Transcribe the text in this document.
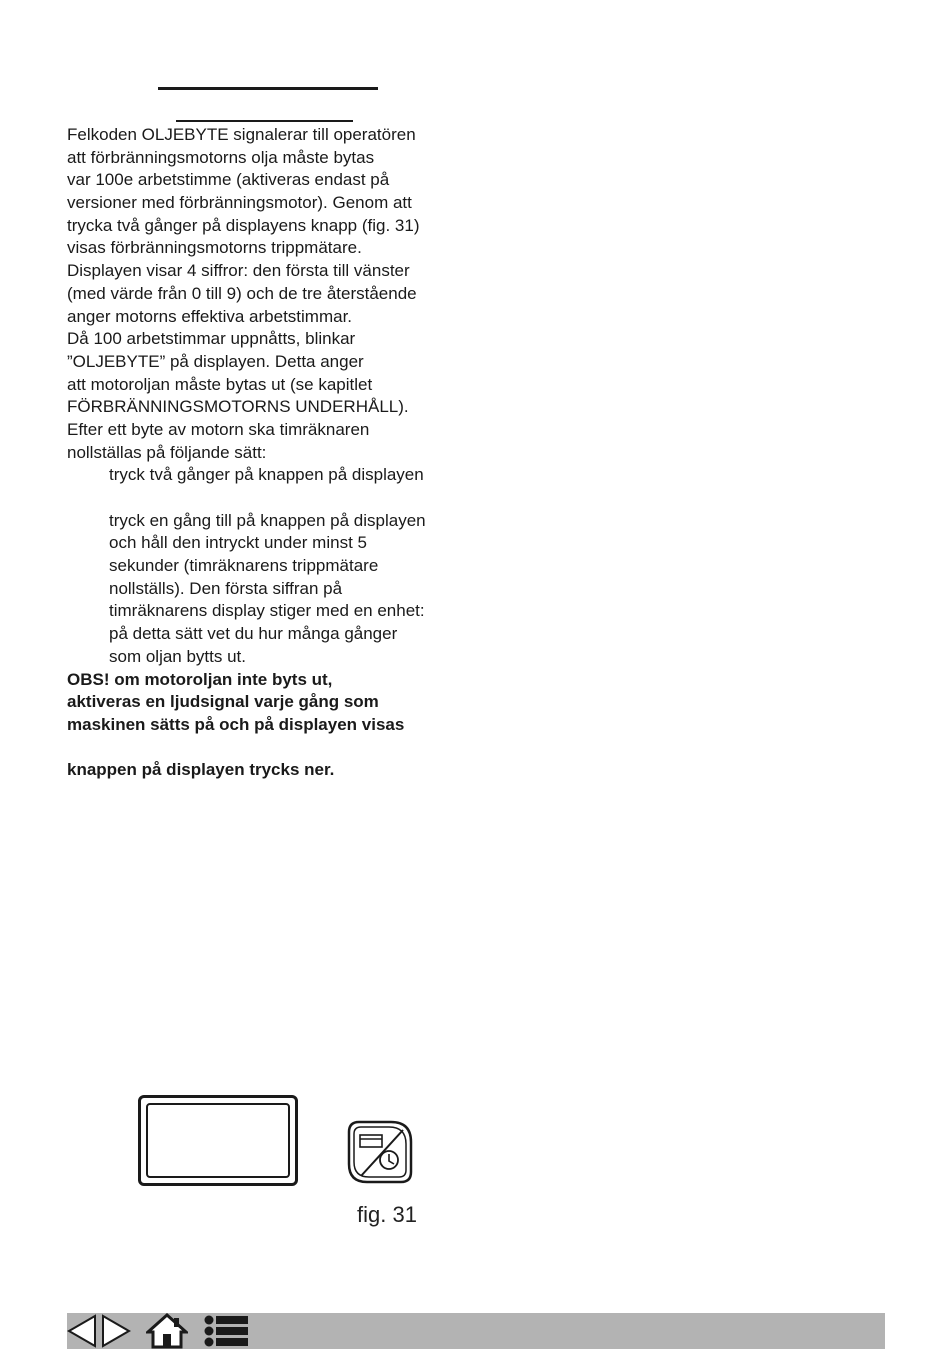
Felkoden OLJEBYTE signalerar till operatören
att förbränningsmotorns olja måste bytas
var 100e arbetstimme (aktiveras endast på
versioner med förbränningsmotor). Genom att
trycka två gånger på displayens knapp (fig. 31)
visas förbränningsmotorns trippmätare.
Displayen visar 4 siffror: den första till vänster
(med värde från 0 till 9) och de tre återstående
anger motorns effektiva arbetstimmar.
Då 100 arbetstimmar uppnåtts, blinkar
”OLJEBYTE” på displayen. Detta anger
att motoroljan måste bytas ut (se kapitlet
FÖRBRÄNNINGSMOTORNS UNDERHÅLL).
Efter ett byte av motorn ska timräknaren
nollställas på följande sätt:
tryck två gånger på knappen på displayen
tryck en gång till på knappen på displayen
och håll den intryckt under minst 5
sekunder (timräknarens trippmätare
nollställs). Den första siffran på
timräknarens display stiger med en enhet:
på detta sätt vet du hur många gånger
som oljan bytts ut.
OBS! om motoroljan inte byts ut,
aktiveras en ljudsignal varje gång som
maskinen sätts på och på displayen visas
knappen på displayen trycks ner.
fig. 31
